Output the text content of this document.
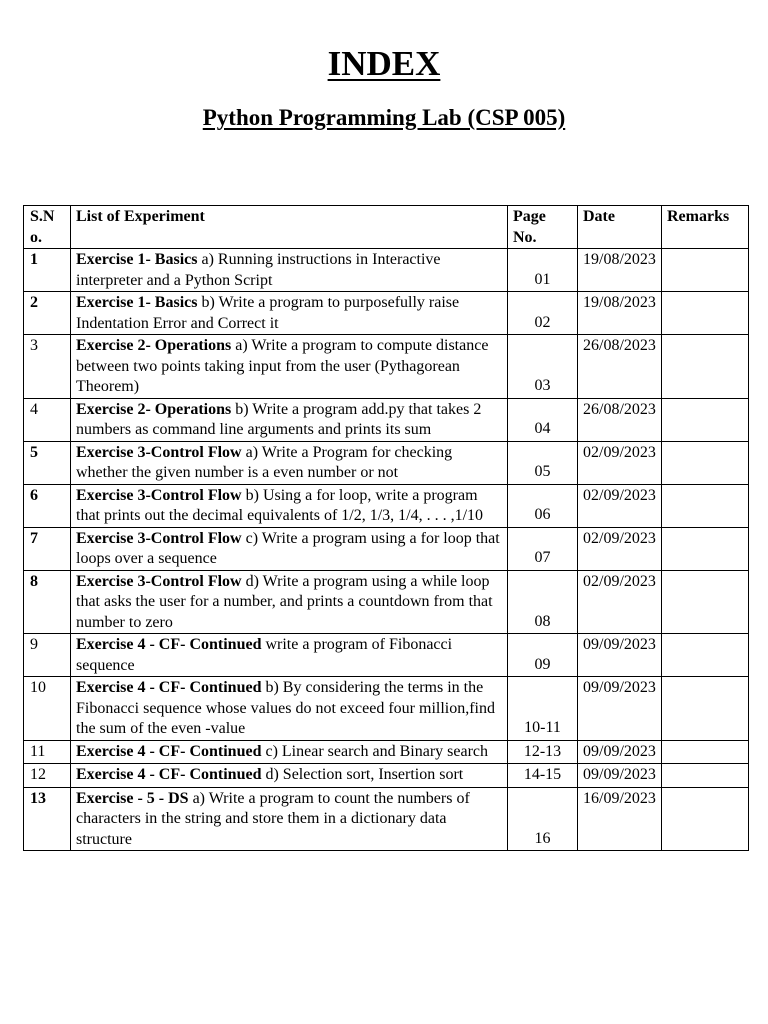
INDEX
Python Programming Lab (CSP 005)
S.No.	List of Experiment	Page No.	Date	Remarks
1	Exercise 1- Basics a) Running instructions in Interactive interpreter and a Python Script	01	19/08/2023	
2	Exercise 1- Basics b) Write a program to purposefully raise Indentation Error and Correct it	02	19/08/2023	
3	Exercise 2- Operations a) Write a program to compute distance between two points taking input from the user (Pythagorean Theorem)	03	26/08/2023	
4	Exercise 2- Operations b) Write a program add.py that takes 2 numbers as command line arguments and prints its sum	04	26/08/2023	
5	Exercise 3-Control Flow a) Write a Program for checking whether the given number is a even number or not	05	02/09/2023	
6	Exercise 3-Control Flow b) Using a for loop, write a program that prints out the decimal equivalents of 1/2, 1/3, 1/4, . . . ,1/10	06	02/09/2023	
7	Exercise 3-Control Flow c) Write a program using a for loop that loops over a sequence	07	02/09/2023	
8	Exercise 3-Control Flow d) Write a program using a while loop that asks the user for a number, and prints a countdown from that number to zero	08	02/09/2023	
9	Exercise 4 - CF- Continued write a program of Fibonacci sequence	09	09/09/2023	
10	Exercise 4 - CF- Continued b) By considering the terms in the Fibonacci sequence whose values do not exceed four million,find the sum of the even -value	10-11	09/09/2023	
11	Exercise 4 - CF- Continued c) Linear search and Binary search	12-13	09/09/2023	
12	Exercise 4 - CF- Continued d) Selection sort, Insertion sort	14-15	09/09/2023	
13	Exercise - 5 - DS a) Write a program to count the numbers of characters in the string and store them in a dictionary data structure	16	16/09/2023	
